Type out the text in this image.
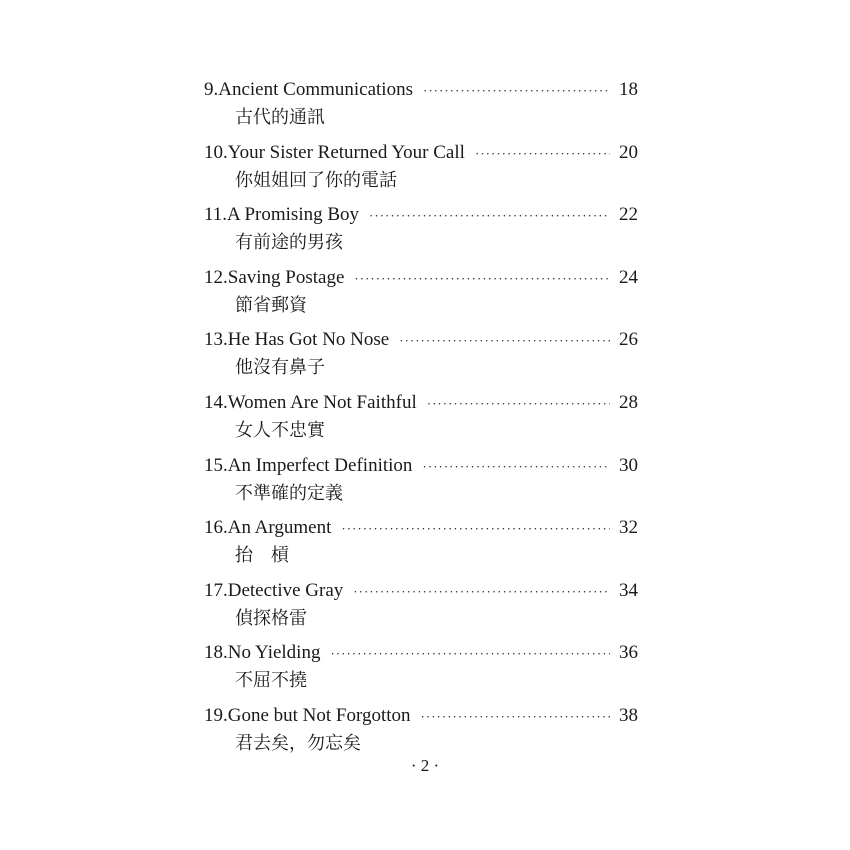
9. Ancient Communications ·····	18
古代的通訊
10. Your Sister Returned Your Call ·····	20
你姐姐回了你的電話
11. A Promising Boy ·····	22
有前途的男孩
12. Saving Postage ·····	24
節省郵資
13. He Has Got No Nose ·····	26
他沒有鼻子
14. Women Are Not Faithful ·····	28
女人不忠實
15. An Imperfect Definition ·····	30
不準確的定義
16. An Argument ·····	32
抬　槓
17. Detective Gray ·····	34
偵探格雷
18. No Yielding ·····	36
不屈不撓
19. Gone but Not Forgotton ·····	38
君去矣，勿忘矣
· 2 ·
